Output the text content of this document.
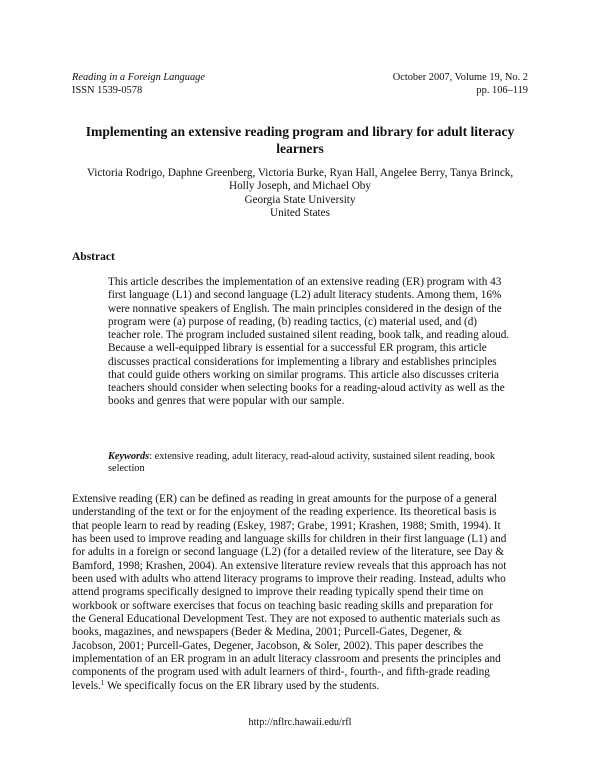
Reading in a Foreign Language
ISSN 1539-0578
October 2007, Volume 19, No. 2
pp. 106–119
Implementing an extensive reading program and library for adult literacy
learners
Victoria Rodrigo, Daphne Greenberg, Victoria Burke, Ryan Hall, Angelee Berry, Tanya Brinck,
Holly Joseph, and Michael Oby
Georgia State University
United States
Abstract
This article describes the implementation of an extensive reading (ER) program with 43
first language (L1) and second language (L2) adult literacy students. Among them, 16%
were nonnative speakers of English. The main principles considered in the design of the
program were (a) purpose of reading, (b) reading tactics, (c) material used, and (d)
teacher role. The program included sustained silent reading, book talk, and reading aloud.
Because a well-equipped library is essential for a successful ER program, this article
discusses practical considerations for implementing a library and establishes principles
that could guide others working on similar programs. This article also discusses criteria
teachers should consider when selecting books for a reading-aloud activity as well as the
books and genres that were popular with our sample.
Keywords: extensive reading, adult literacy, read-aloud activity, sustained silent reading, book
selection
Extensive reading (ER) can be defined as reading in great amounts for the purpose of a general
understanding of the text or for the enjoyment of the reading experience. Its theoretical basis is
that people learn to read by reading (Eskey, 1987; Grabe, 1991; Krashen, 1988; Smith, 1994). It
has been used to improve reading and language skills for children in their first language (L1) and
for adults in a foreign or second language (L2) (for a detailed review of the literature, see Day &
Bamford, 1998; Krashen, 2004). An extensive literature review reveals that this approach has not
been used with adults who attend literacy programs to improve their reading. Instead, adults who
attend programs specifically designed to improve their reading typically spend their time on
workbook or software exercises that focus on teaching basic reading skills and preparation for
the General Educational Development Test. They are not exposed to authentic materials such as
books, magazines, and newspapers (Beder & Medina, 2001; Purcell-Gates, Degener, &
Jacobson, 2001; Purcell-Gates, Degener, Jacobson, & Soler, 2002). This paper describes the
implementation of an ER program in an adult literacy classroom and presents the principles and
components of the program used with adult learners of third-, fourth-, and fifth-grade reading
levels.$^1$ We specifically focus on the ER library used by the students.
http://nflrc.hawaii.edu/rfl
